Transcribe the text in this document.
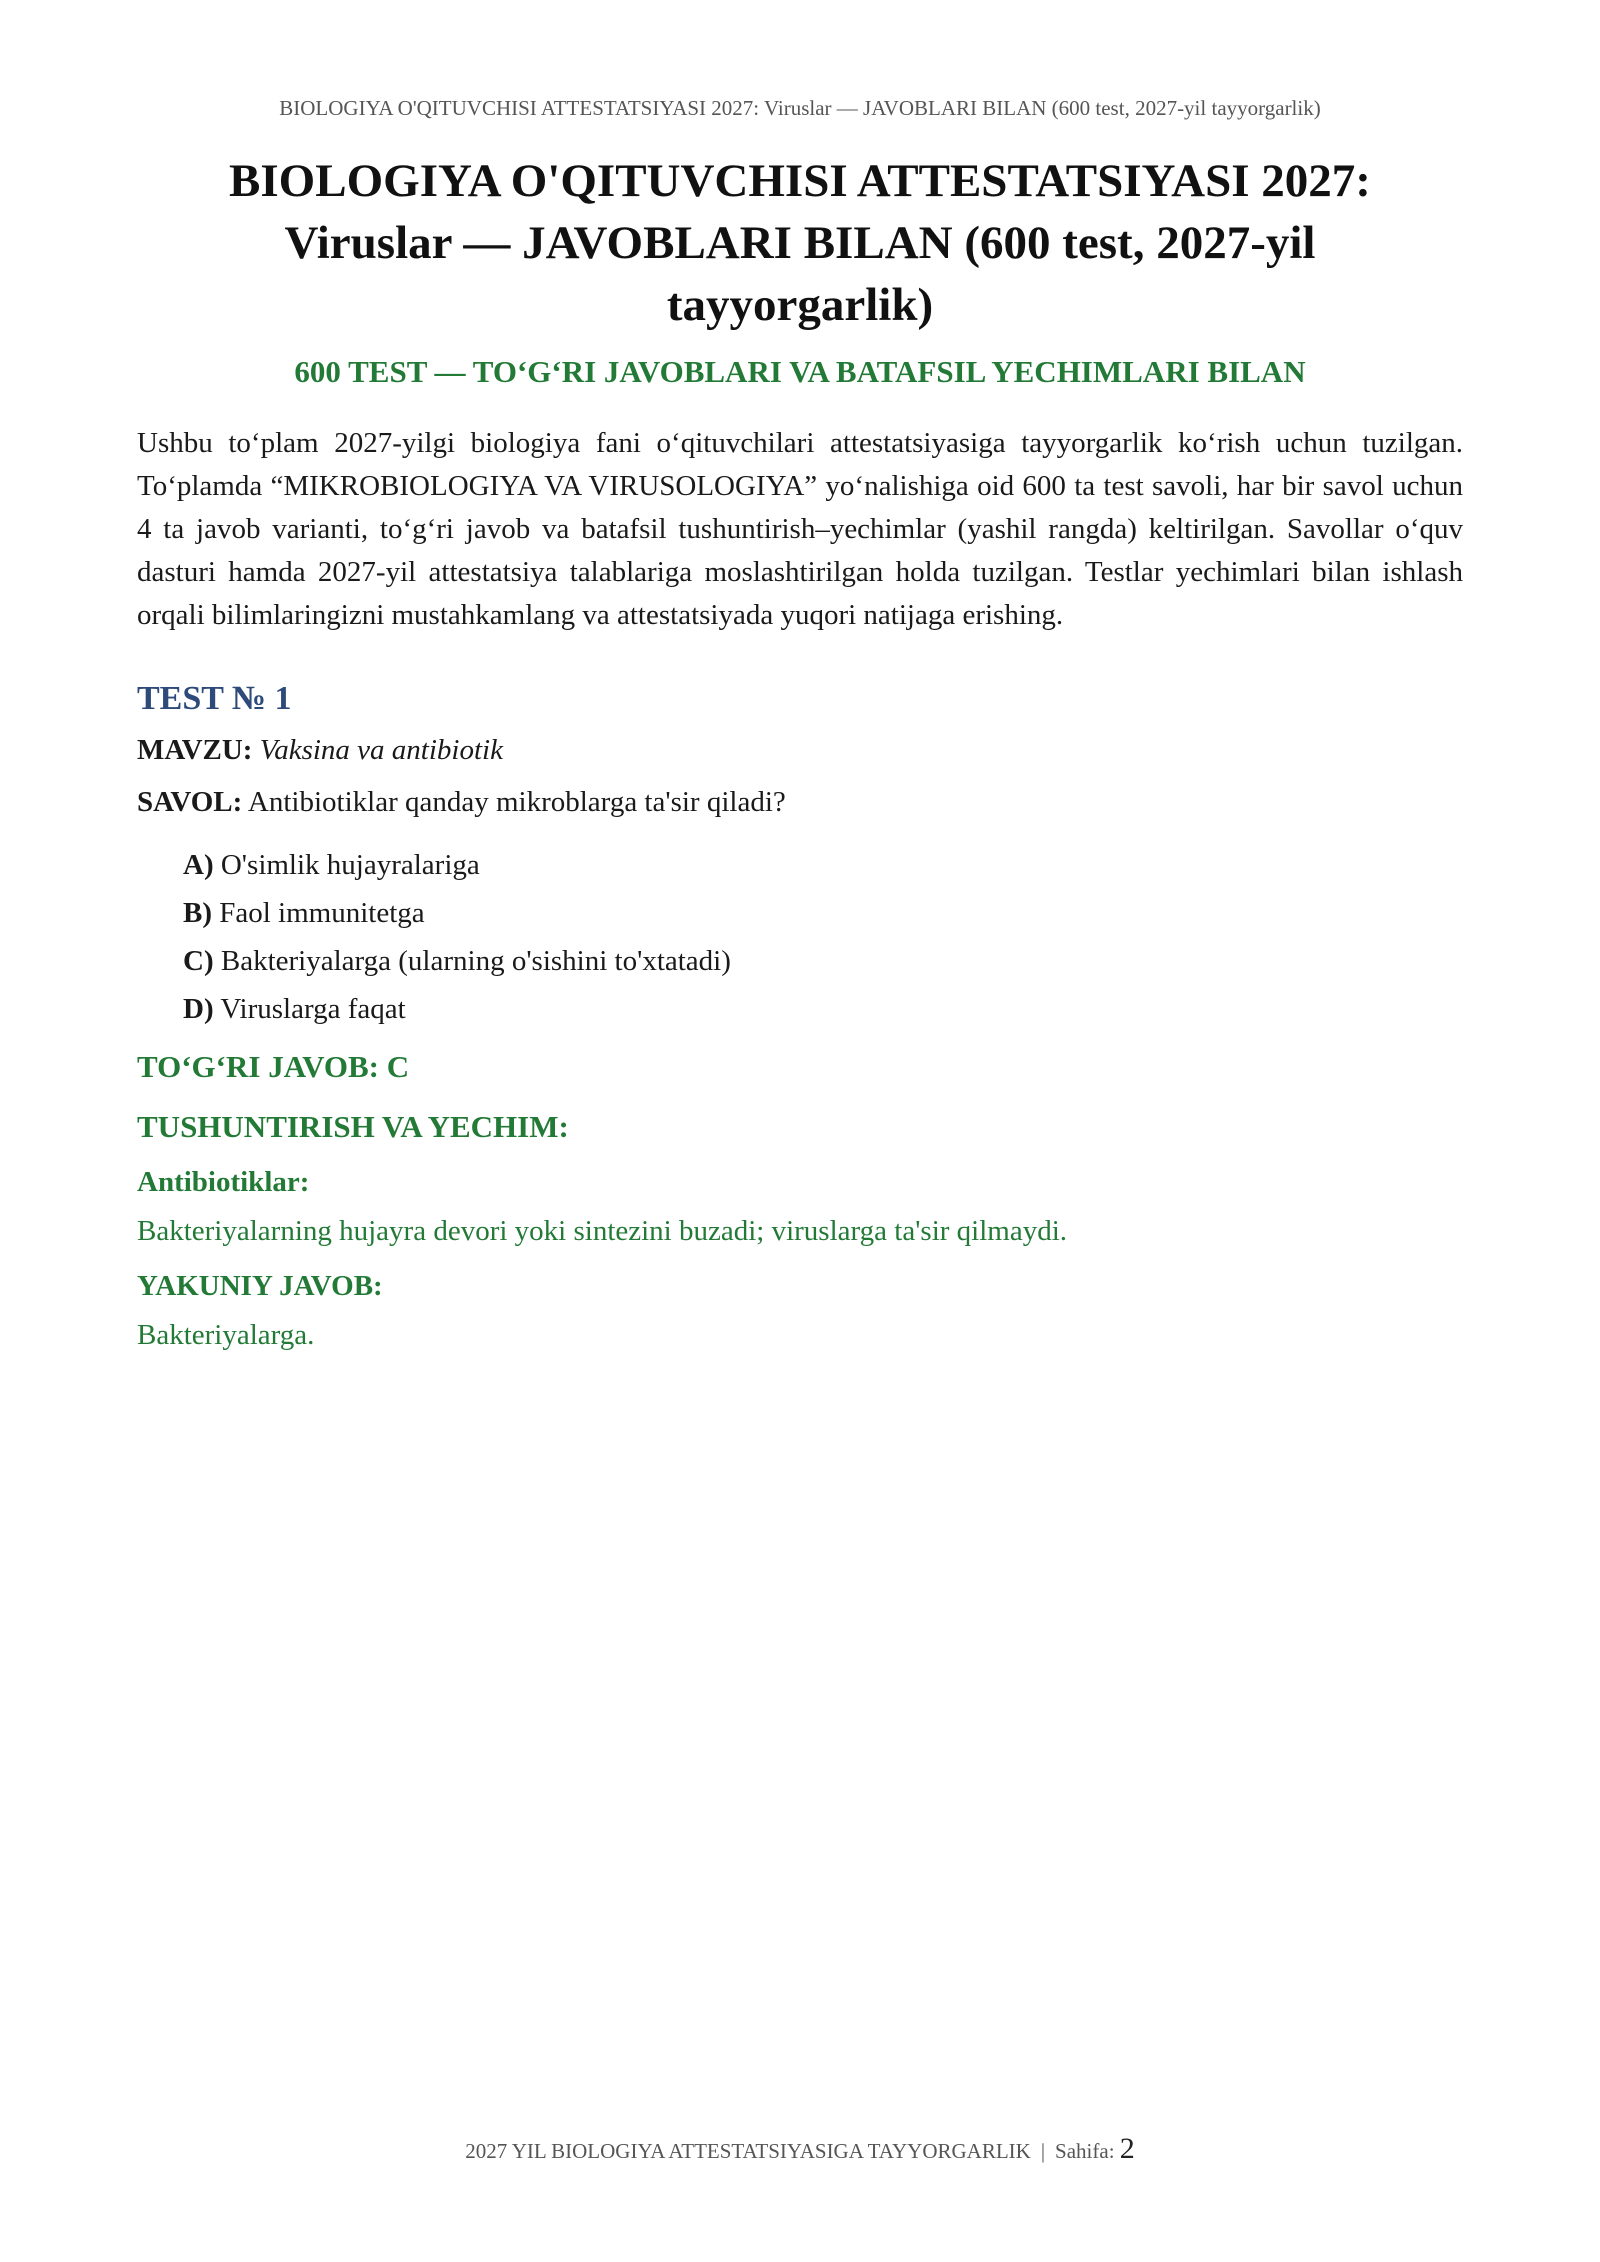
BIOLOGIYA O'QITUVCHISI ATTESTATSIYASI 2027: Viruslar — JAVOBLARI BILAN (600 test, 2027-yil tayyorgarlik)
BIOLOGIYA O'QITUVCHISI ATTESTATSIYASI 2027:
Viruslar — JAVOBLARI BILAN (600 test, 2027-yil
tayyorgarlik)
600 TEST — TO‘G‘RI JAVOBLARI VA BATAFSIL YECHIMLARI BILAN

Ushbu to‘plam 2027-yilgi biologiya fani o‘qituvchilari attestatsiyasiga tayyorgarlik ko‘rish uchun tuzilgan. To‘plamda “MIKROBIOLOGIYA VA VIRUSOLOGIYA” yo‘nalishiga oid 600 ta test savoli, har bir savol uchun 4 ta javob varianti, to‘g‘ri javob va batafsil tushuntirish–yechimlar (yashil rangda) keltirilgan. Savollar o‘quv dasturi hamda 2027-yil attestatsiya talablariga moslashtirilgan holda tuzilgan. Testlar yechimlari bilan ishlash orqali bilimlaringizni mustahkamlang va attestatsiyada yuqori natijaga erishing.

TEST № 1
MAVZU: Vaksina va antibiotik
SAVOL: Antibiotiklar qanday mikroblarga ta'sir qiladi?
A) O'simlik hujayralariga
B) Faol immunitetga
C) Bakteriyalarga (ularning o'sishini to'xtatadi)
D) Viruslarga faqat
TO‘G‘RI JAVOB: C
TUSHUNTIRISH VA YECHIM:
Antibiotiklar:
Bakteriyalarning hujayra devori yoki sintezini buzadi; viruslarga ta'sir qilmaydi.
YAKUNIY JAVOB:
Bakteriyalarga.
2027 YIL BIOLOGIYA ATTESTATSIYASIGA TAYYORGARLIK | Sahifa: 2
